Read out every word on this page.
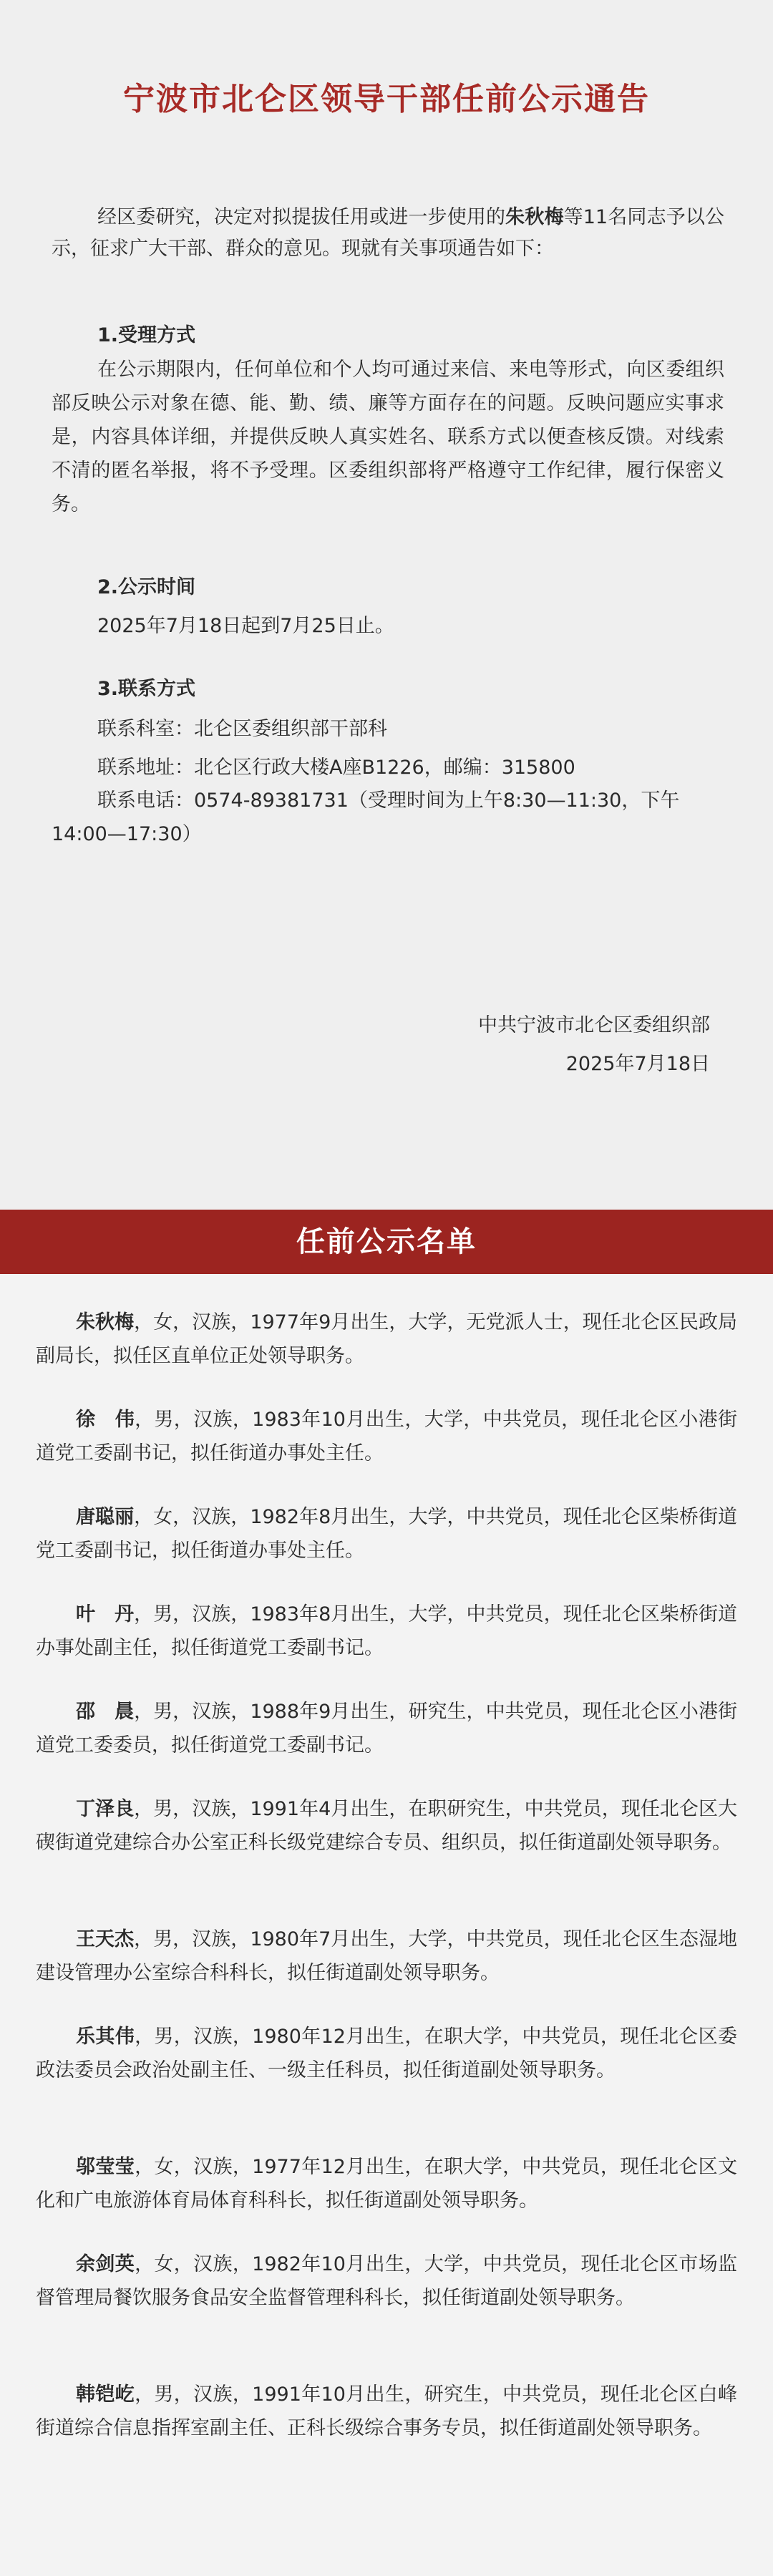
宁波市北仑区领导干部任前公示通告
经区委研究，决定对拟提拔任用或进一步使用的朱秋梅等11名同志予以公示，征求广大干部、群众的意见。现就有关事项通告如下：
1.受理方式
在公示期限内，任何单位和个人均可通过来信、来电等形式，向区委组织部反映公示对象在德、能、勤、绩、廉等方面存在的问题。反映问题应实事求是，内容具体详细，并提供反映人真实姓名、联系方式以便查核反馈。对线索不清的匿名举报，将不予受理。区委组织部将严格遵守工作纪律，履行保密义务。
2.公示时间
2025年7月18日起到7月25日止。
3.联系方式
联系科室：北仑区委组织部干部科
联系地址：北仑区行政大楼A座B1226，邮编：315800
联系电话：0574-89381731（受理时间为上午8:30—11:30，下午14:00—17:30）
中共宁波市北仑区委组织部
2025年7月18日
任前公示名单
朱秋梅，女，汉族，1977年9月出生，大学，无党派人士，现任北仑区民政局副局长，拟任区直单位正处领导职务。
徐　伟，男，汉族，1983年10月出生，大学，中共党员，现任北仑区小港街道党工委副书记，拟任街道办事处主任。
唐聪丽，女，汉族，1982年8月出生，大学，中共党员，现任北仑区柴桥街道党工委副书记，拟任街道办事处主任。
叶　丹，男，汉族，1983年8月出生，大学，中共党员，现任北仑区柴桥街道办事处副主任，拟任街道党工委副书记。
邵　晨，男，汉族，1988年9月出生，研究生，中共党员，现任北仑区小港街道党工委委员，拟任街道党工委副书记。
丁泽良，男，汉族，1991年4月出生，在职研究生，中共党员，现任北仑区大碶街道党建综合办公室正科长级党建综合专员、组织员，拟任街道副处领导职务。
王天杰，男，汉族，1980年7月出生，大学，中共党员，现任北仑区生态湿地建设管理办公室综合科科长，拟任街道副处领导职务。
乐其伟，男，汉族，1980年12月出生，在职大学，中共党员，现任北仑区委政法委员会政治处副主任、一级主任科员，拟任街道副处领导职务。
邬莹莹，女，汉族，1977年12月出生，在职大学，中共党员，现任北仑区文化和广电旅游体育局体育科科长，拟任街道副处领导职务。
余剑英，女，汉族，1982年10月出生，大学，中共党员，现任北仑区市场监督管理局餐饮服务食品安全监督管理科科长，拟任街道副处领导职务。
韩铠屹，男，汉族，1991年10月出生，研究生，中共党员，现任北仑区白峰街道综合信息指挥室副主任、正科长级综合事务专员，拟任街道副处领导职务。
